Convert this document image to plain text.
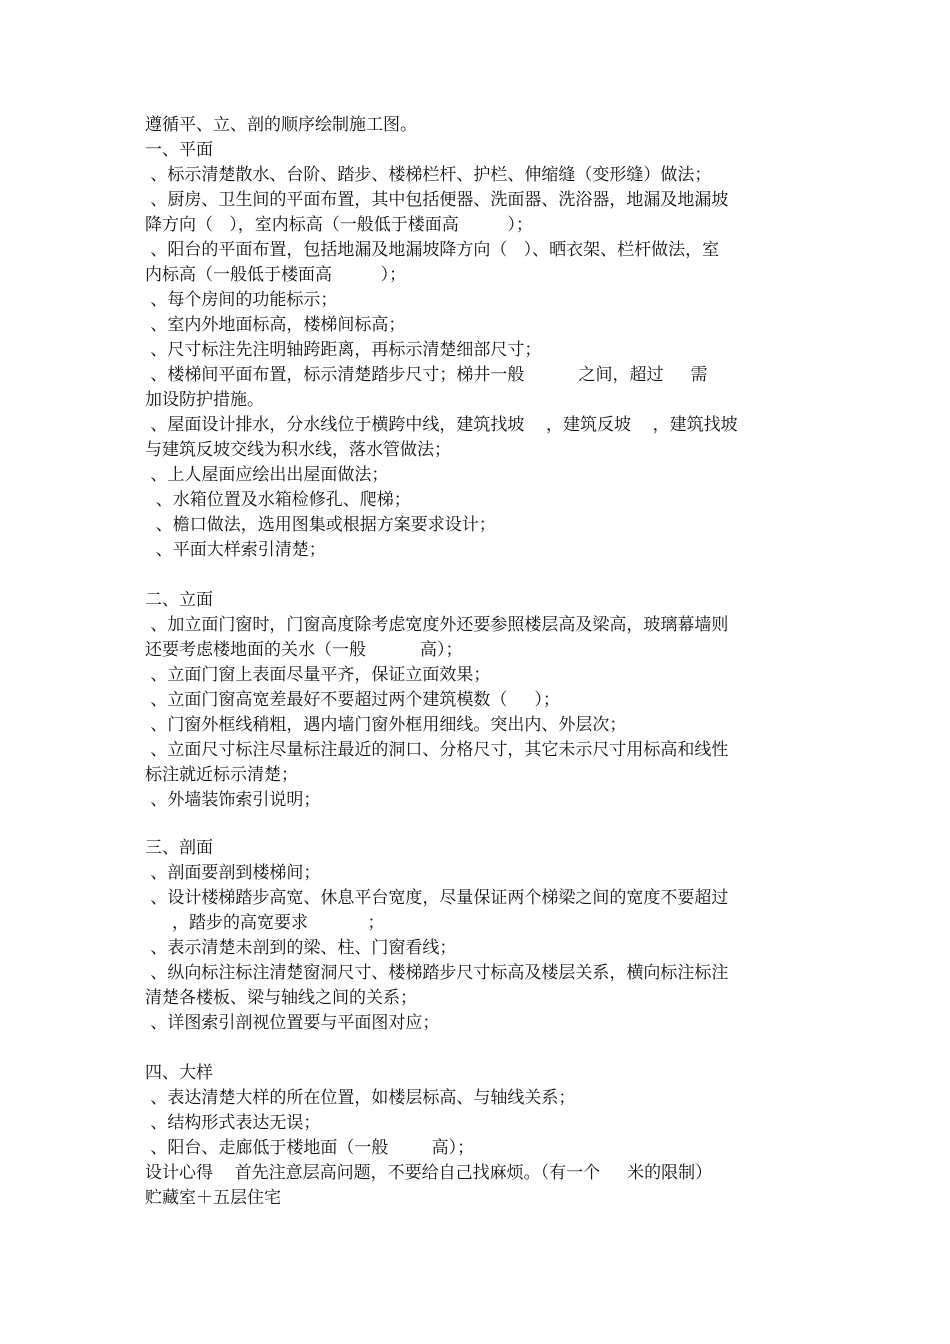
遵循平、立、剖的顺序绘制施工图。
一、平面
、标示清楚散水、台阶、踏步、楼梯栏杆、护栏、伸缩缝（变形缝）做法；
、厨房、卫生间的平面布置，其中包括便器、洗面器、洗浴器，地漏及地漏坡
降方向（   ），室内标高（一般低于楼面高         ）；
、阳台的平面布置，包括地漏及地漏坡降方向（   ）、晒衣架、栏杆做法，室
内标高（一般低于楼面高         ）；
、每个房间的功能标示；
、室内外地面标高，楼梯间标高；
、尺寸标注先注明轴跨距离，再标示清楚细部尺寸；
、楼梯间平面布置，标示清楚踏步尺寸；梯井一般          之间，超过     需
加设防护措施。
、屋面设计排水，分水线位于横跨中线，建筑找坡    ，建筑反坡    ，建筑找坡
与建筑反坡交线为积水线，落水管做法；
、上人屋面应绘出出屋面做法；
、水箱位置及水箱检修孔、爬梯；
、檐口做法，选用图集或根据方案要求设计；
、平面大样索引清楚；
二、立面
、加立面门窗时，门窗高度除考虑宽度外还要参照楼层高及梁高，玻璃幕墙则
还要考虑楼地面的关水（一般          高）；
、立面门窗上表面尽量平齐，保证立面效果；
、立面门窗高宽差最好不要超过两个建筑模数（     ）；
、门窗外框线稍粗，遇内墙门窗外框用细线。突出内、外层次；
、立面尺寸标注尽量标注最近的洞口、分格尺寸，其它未示尺寸用标高和线性
标注就近标示清楚；
、外墙装饰索引说明；
三、剖面
、剖面要剖到楼梯间；
、设计楼梯踏步高宽、休息平台宽度，尽量保证两个梯梁之间的宽度不要超过
，踏步的高宽要求           ；
、表示清楚未剖到的梁、柱、门窗看线；
、纵向标注标注清楚窗洞尺寸、楼梯踏步尺寸标高及楼层关系，横向标注标注
清楚各楼板、梁与轴线之间的关系；
、详图索引剖视位置要与平面图对应；
四、大样
、表达清楚大样的所在位置，如楼层标高、与轴线关系；
、结构形式表达无误；
、阳台、走廊低于楼地面（一般        高）；
设计心得    首先注意层高问题，不要给自己找麻烦。（有一个     米的限制）
贮藏室＋五层住宅
